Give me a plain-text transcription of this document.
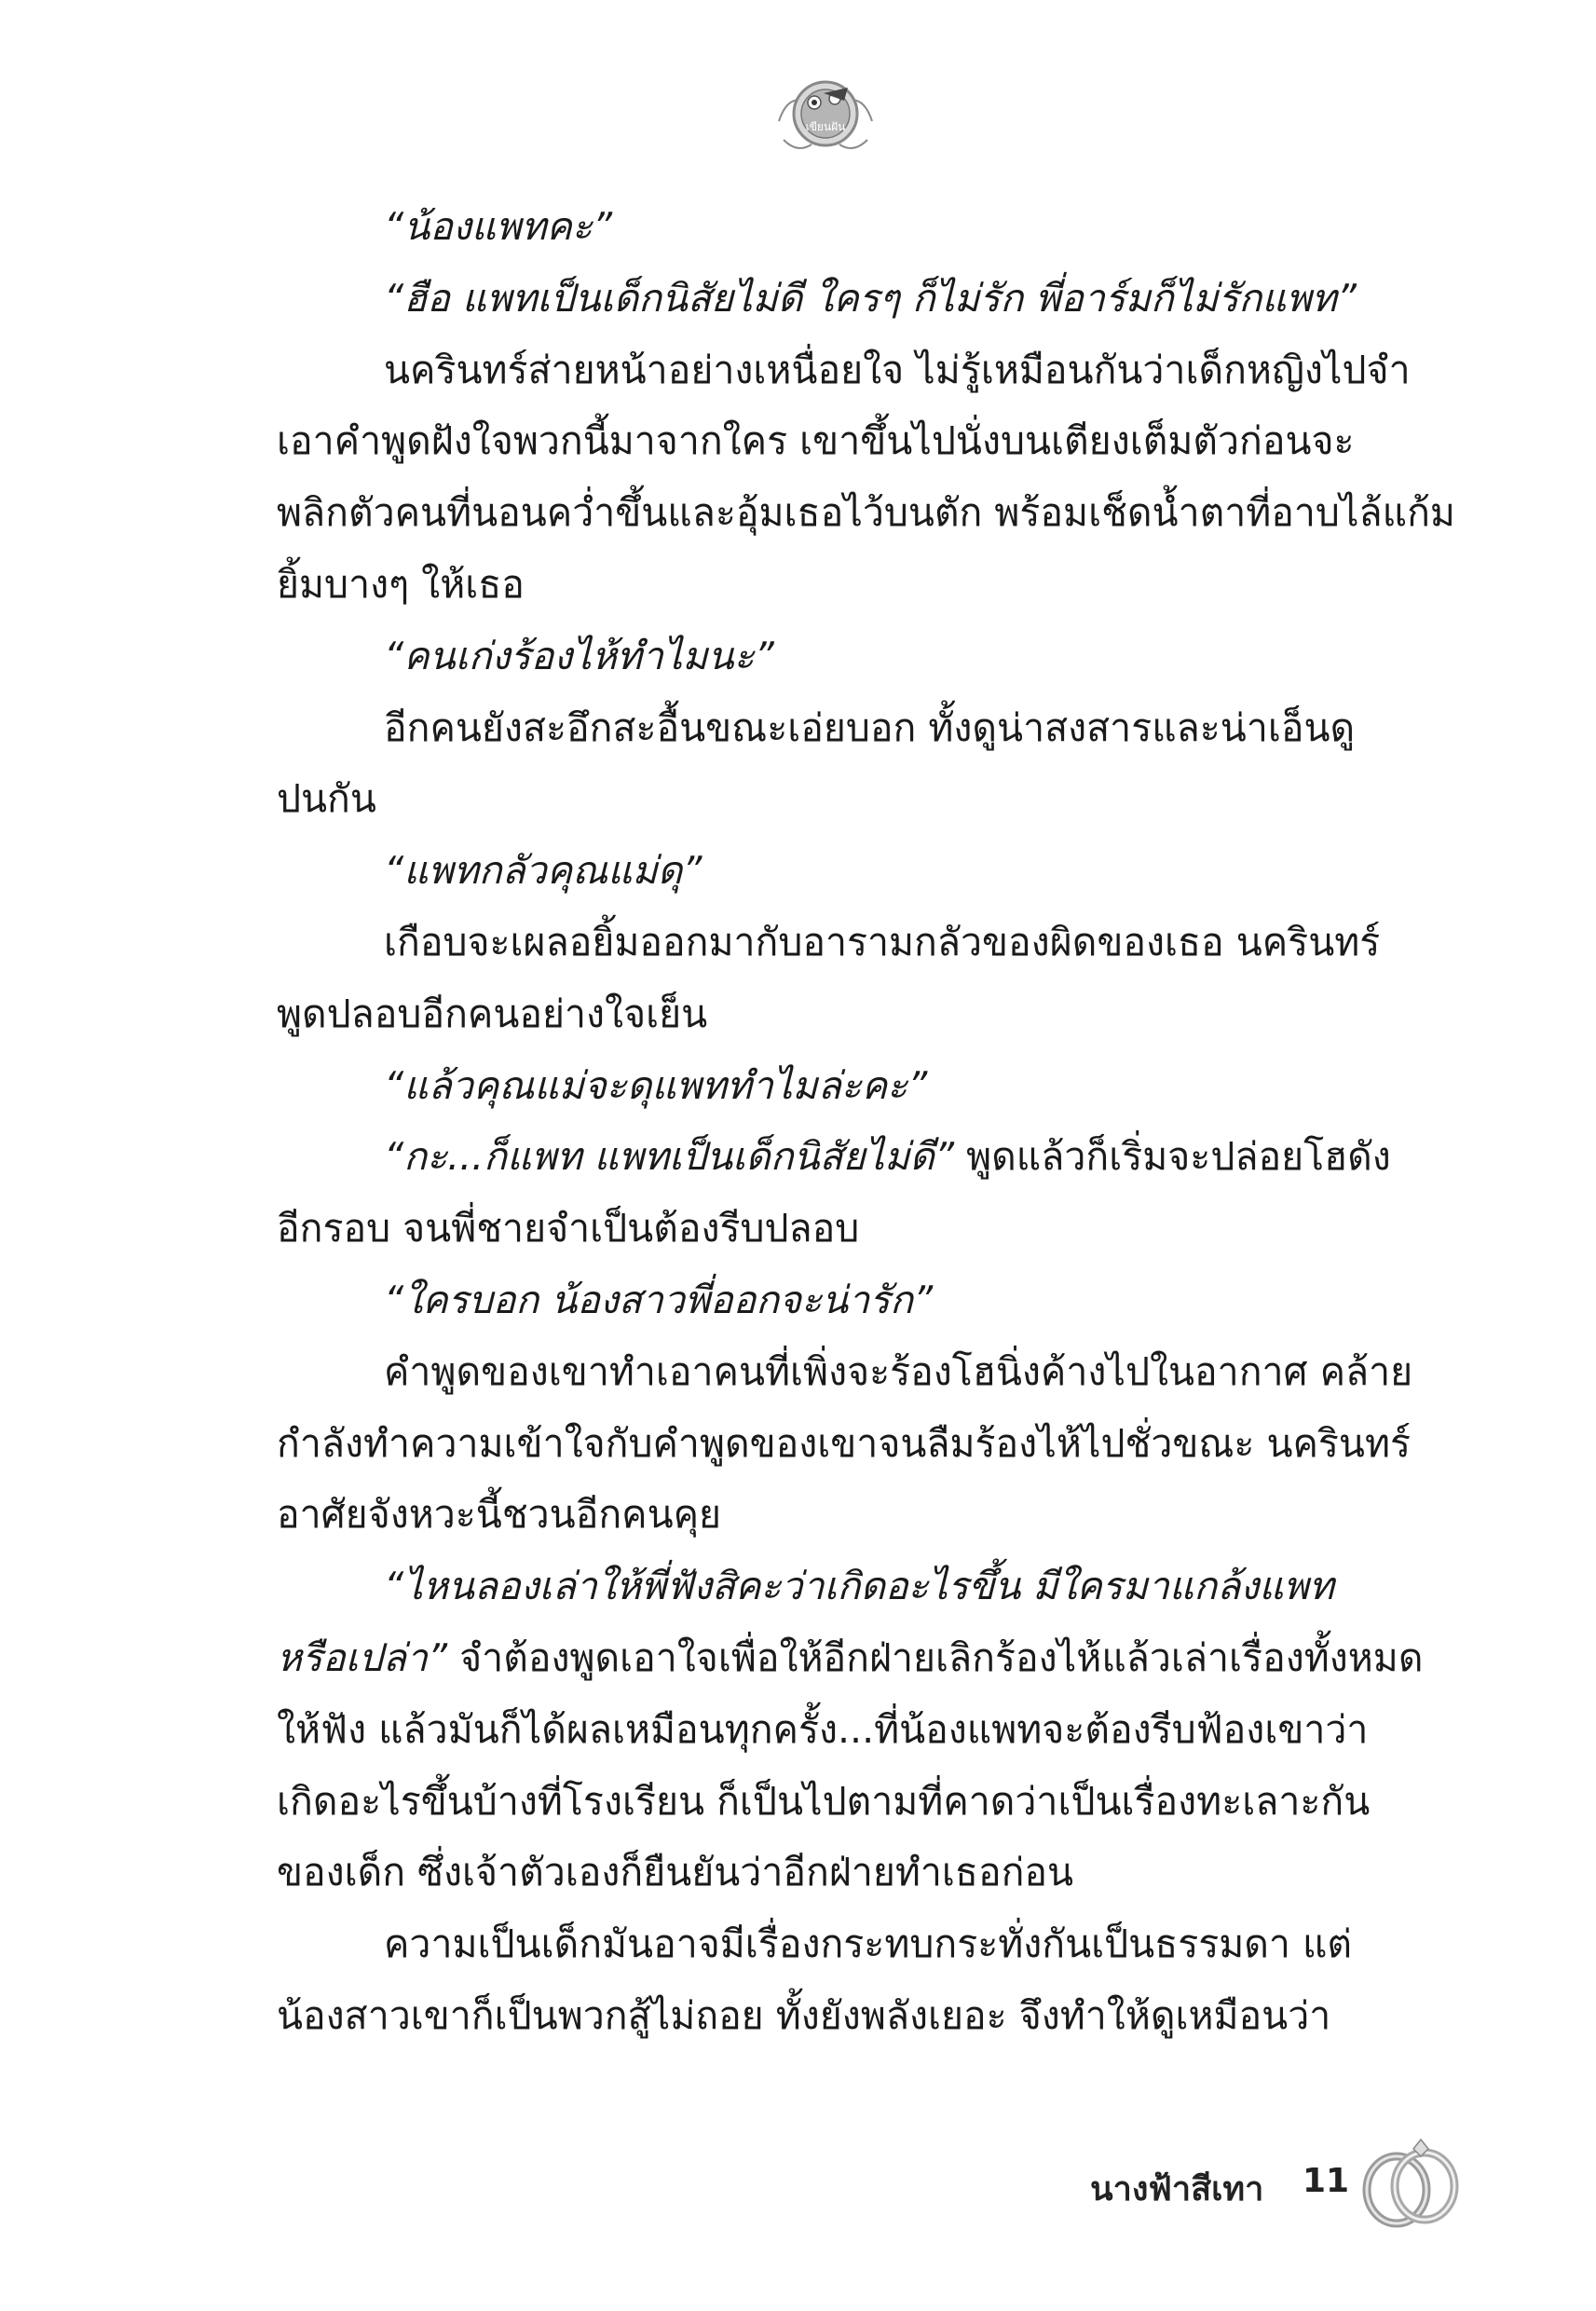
เขียนฝัน
“น้องแพทคะ”
“ฮือ แพทเป็นเด็กนิสัยไม่ดี ใครๆ ก็ไม่รัก พี่อาร์มก็ไม่รักแพท”
นครินทร์ส่ายหน้าอย่างเหนื่อยใจ ไม่รู้เหมือนกันว่าเด็กหญิงไปจำ
เอาคำพูดฝังใจพวกนี้มาจากใคร เขาขึ้นไปนั่งบนเตียงเต็มตัวก่อนจะ
พลิกตัวคนที่นอนคว่ำขึ้นและอุ้มเธอไว้บนตัก พร้อมเช็ดน้ำตาที่อาบไล้แก้ม
ยิ้มบางๆ ให้เธอ
“คนเก่งร้องไห้ทำไมนะ”
อีกคนยังสะอึกสะอื้นขณะเอ่ยบอก ทั้งดูน่าสงสารและน่าเอ็นดู
ปนกัน
“แพทกลัวคุณแม่ดุ”
เกือบจะเผลอยิ้มออกมากับอารามกลัวของผิดของเธอ นครินทร์
พูดปลอบอีกคนอย่างใจเย็น
“แล้วคุณแม่จะดุแพททำไมล่ะคะ”
“กะ...ก็แพท แพทเป็นเด็กนิสัยไม่ดี” พูดแล้วก็เริ่มจะปล่อยโฮดัง
อีกรอบ จนพี่ชายจำเป็นต้องรีบปลอบ
“ใครบอก น้องสาวพี่ออกจะน่ารัก”
คำพูดของเขาทำเอาคนที่เพิ่งจะร้องโฮนิ่งค้างไปในอากาศ คล้าย
กำลังทำความเข้าใจกับคำพูดของเขาจนลืมร้องไห้ไปชั่วขณะ นครินทร์
อาศัยจังหวะนี้ชวนอีกคนคุย
“ไหนลองเล่าให้พี่ฟังสิคะว่าเกิดอะไรขึ้น มีใครมาแกล้งแพท
หรือเปล่า” จำต้องพูดเอาใจเพื่อให้อีกฝ่ายเลิกร้องไห้แล้วเล่าเรื่องทั้งหมด
ให้ฟัง แล้วมันก็ได้ผลเหมือนทุกครั้ง...ที่น้องแพทจะต้องรีบฟ้องเขาว่า
เกิดอะไรขึ้นบ้างที่โรงเรียน ก็เป็นไปตามที่คาดว่าเป็นเรื่องทะเลาะกัน
ของเด็ก ซึ่งเจ้าตัวเองก็ยืนยันว่าอีกฝ่ายทำเธอก่อน
ความเป็นเด็กมันอาจมีเรื่องกระทบกระทั่งกันเป็นธรรมดา แต่
น้องสาวเขาก็เป็นพวกสู้ไม่ถอย ทั้งยังพลังเยอะ จึงทำให้ดูเหมือนว่า
นางฟ้าสีเทา 11
